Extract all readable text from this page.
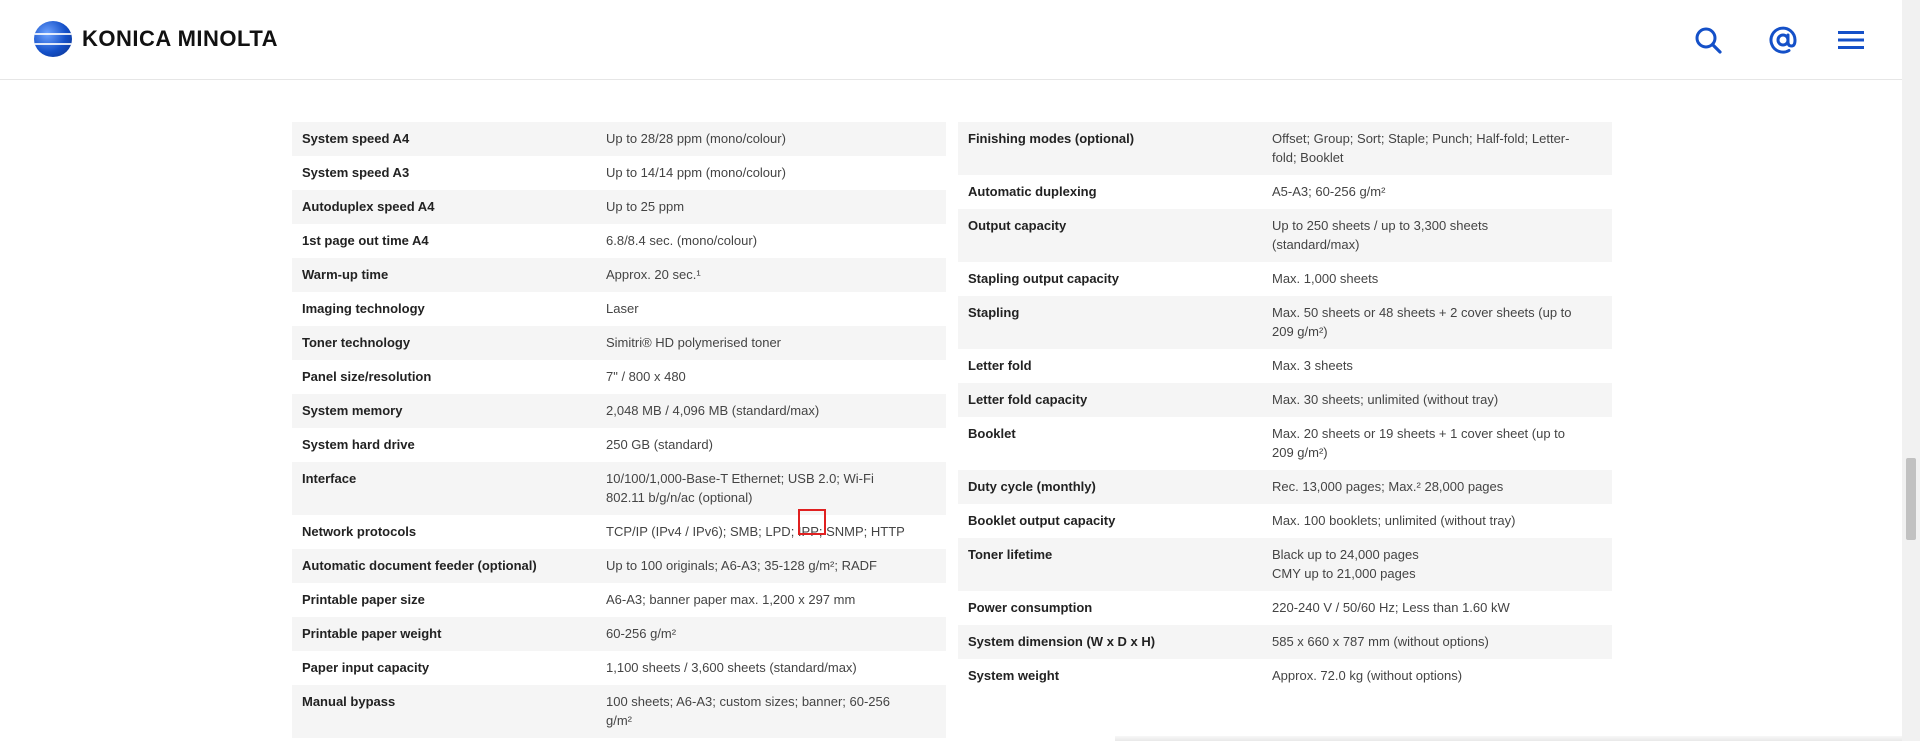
KONICA MINOLTA
System speed A4	Up to 28/28 ppm (mono/colour)
System speed A3	Up to 14/14 ppm (mono/colour)
Autoduplex speed A4	Up to 25 ppm
1st page out time A4	6.8/8.4 sec. (mono/colour)
Warm-up time	Approx. 20 sec.¹
Imaging technology	Laser
Toner technology	Simitri® HD polymerised toner
Panel size/resolution	7" / 800 x 480
System memory	2,048 MB / 4,096 MB (standard/max)
System hard drive	250 GB (standard)
Interface	10/100/1,000-Base-T Ethernet; USB 2.0; Wi-Fi
802.11 b/g/n/ac (optional)
Network protocols	TCP/IP (IPv4 / IPv6); SMB; LPD; IPP; SNMP; HTTP
Automatic document feeder (optional)	Up to 100 originals; A6-A3; 35-128 g/m²; RADF
Printable paper size	A6-A3; banner paper max. 1,200 x 297 mm
Printable paper weight	60-256 g/m²
Paper input capacity	1,100 sheets / 3,600 sheets (standard/max)
Manual bypass	100 sheets; A6-A3; custom sizes; banner; 60-256
g/m²
Finishing modes (optional)	Offset; Group; Sort; Staple; Punch; Half-fold; Letter-
fold; Booklet
Automatic duplexing	A5-A3; 60-256 g/m²
Output capacity	Up to 250 sheets / up to 3,300 sheets
(standard/max)
Stapling output capacity	Max. 1,000 sheets
Stapling	Max. 50 sheets or 48 sheets + 2 cover sheets (up to
209 g/m²)
Letter fold	Max. 3 sheets
Letter fold capacity	Max. 30 sheets; unlimited (without tray)
Booklet	Max. 20 sheets or 19 sheets + 1 cover sheet (up to
209 g/m²)
Duty cycle (monthly)	Rec. 13,000 pages; Max.² 28,000 pages
Booklet output capacity	Max. 100 booklets; unlimited (without tray)
Toner lifetime	Black up to 24,000 pages
CMY up to 21,000 pages
Power consumption	220-240 V / 50/60 Hz; Less than 1.60 kW
System dimension (W x D x H)	585 x 660 x 787 mm (without options)
System weight	Approx. 72.0 kg (without options)
